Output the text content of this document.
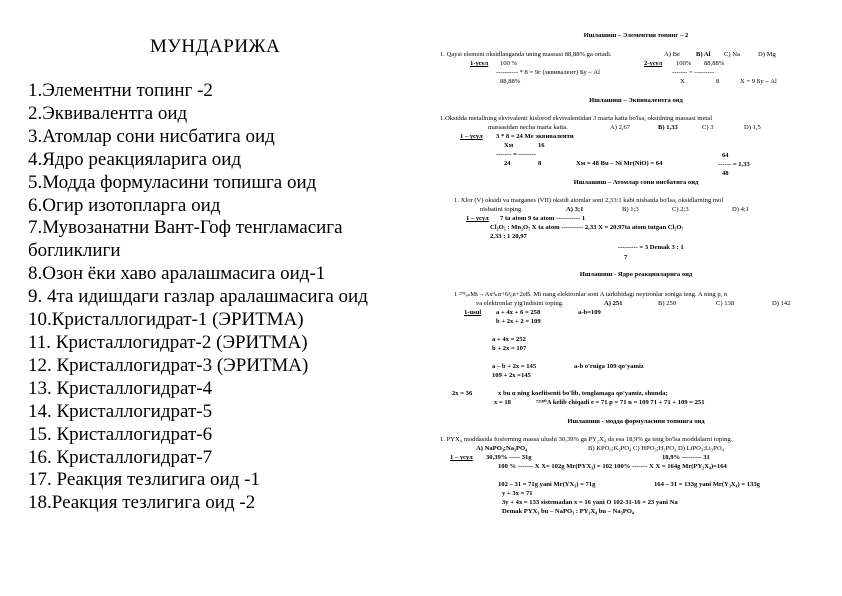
МУНДАРИЖА
1.Элементни топинг -2
2.Эквивалентга оид
3.Атомлар сони нисбатига оид
4.Ядро реакцияларига оид
5.Модда формуласини топишга оид
6.Огир изотопларга оид
7.Мувозанатни Вант-Гоф тенгламасига
богликлиги
8.Озон ёки хаво аралашмасига оид-1
9. 4та идишдаги газлар аралашмасига оид
10.Кристаллогидрат-1 (ЭРИТМА)
11. Кристаллогидрат-2 (ЭРИТМА)
12. Кристаллогидрат-3 (ЭРИТМА)
13. Кристаллогидрат-4
14. Кристаллогидрат-5
15. Кристаллогидрат-6
16. Кристаллогидрат-7
17. Реакция тезлигига оид -1
18.Реакция тезлигига оид -2
Ишлашиш – Элементни топинг – 2
1. Qaysi element oksidlanganda uning massasi 88,88% ga ortadi.	A) Be B) Al C) Na	D) Mg
1-усул 100 %	2-усул 100% 88,88%
---------- * 8 = 9г (эквивалент) Бу – Al	------- = ---------
88,88%	X	8	X = 9 Бу – Al
Ишлашиш – Эквивалентга оид
1.Oksidda metallning ekvivalenti kislorod ekvivalentidan 3 marta katta bo'lsa, oksidning massasi metal
massasidan necha marta katta.	A) 2,67	B) 1,33	C) 3	D) 1,5
1 – усул 3 * 8 = 24 Me эквиваленти
Xм	16
------- = --------	64
24	8	Xм = 48 Bu – Ni Mr(NiO) = 64	------ = 1,33
48
Ишлашиш – Атомлар сони нисбатига оид
1. Xlor (V) oksidi va marganes (VII) oksidi atomlar soni 2,33:1 kabi nisbatda bo'lsa, oksidlarning mol
nisbatini toping.	A) 3;1	B) 1;3	C) 2;3	D) 4;1
1 – усул 7 ta atom 9 ta atom ----------- 1
Cl₂O₅ : Mn₂O₇ X ta atom ---------- 2,33 X = 20,97ta atom tutgan Cl₂O₇
2,33 : 1 20,97
--------- = 3 Demak 3 : 1
7
Ишлашиш - Ядро реакцияларига оид
1 ²⁷⁸ₓₙMt→Ax⁴ₙα+6¹₀n+2eB. Mt nang elektronlar soni A tarkibidagi neytronlar soniga teng. A ning p, n
va elektronlar yig'indisini toping.	A) 251	B) 250	C) 138	D) 142
1-usul a + 4x + 6 = 258	a-b=109
b + 2x + 2 = 109
a + 4x = 252
b + 2x = 107
a – b + 2x = 145	a-b o'rniga 109 qo'yamiz
109 + 2x =145
2x = 36	x bu α ning koefitsenti bo'lib, tenglamaga qo'yamiz, shunda;
x = 18	⁷²¹⁸⁰A kelib chiqadi e = 71 p = 71 n = 109 71 + 71 + 109 = 251
Ишлашиш - модда формуласини топишга оид
1. PYX₄ moddasida fosforning massa ulushi 30,39% ga PY₂X₄ da esa 18,9% ga teng bo'lsa moddalarni toping.
A) NaPO₃;Na₃PO₄	B) KPO₃;K₃PO₄ C) HPO₃;H₃PO₄ D) LiPO₃;Li₃PO₄
1 – усул 30,39% ----- 31g	18,9% --------- 31
100 % ------- X X= 102g Mr(PYX₃) = 102 100% ------- X X = 164g Mr(PY₂X₄)=164
102 – 31 = 71g yani Mr(YX₃) = 71g	164 – 31 = 133g yani Mr(Y₃X₄) = 133g
y + 3x = 71
3y + 4x = 133 sistemadan x = 16 yani O 102-31-16 = 23 yani Na
Demak PYX₃ bu – NaPO₃ : PY₃X₄ bu – Na₃PO₄
